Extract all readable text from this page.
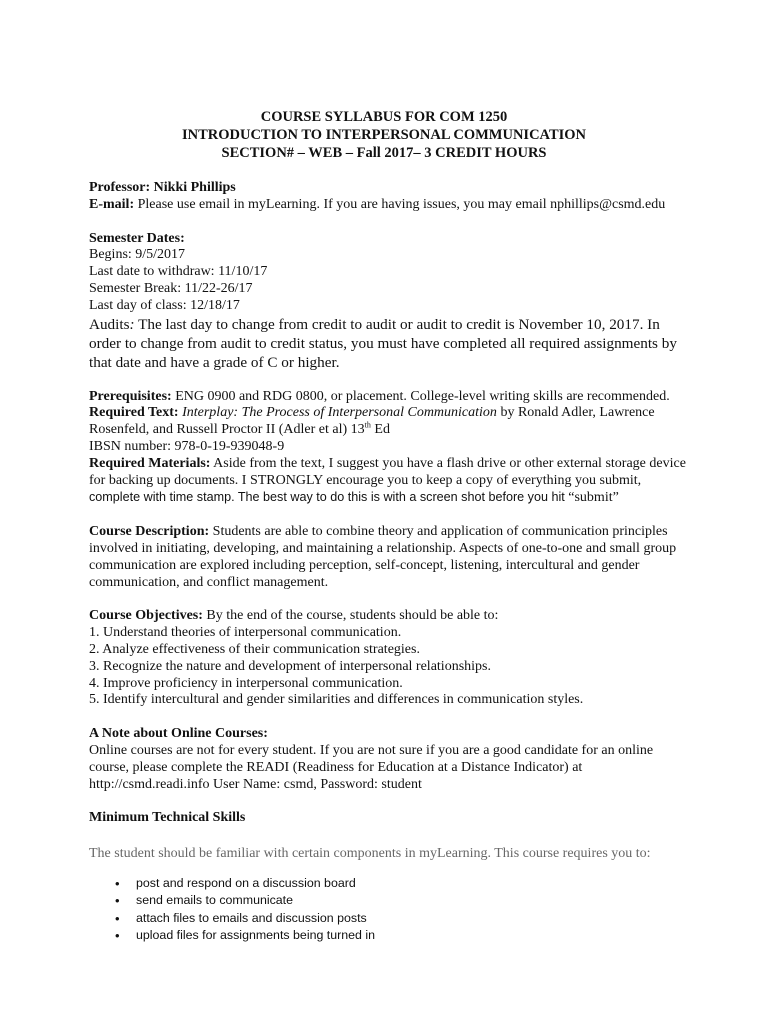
COURSE SYLLABUS FOR COM 1250
INTRODUCTION TO INTERPERSONAL COMMUNICATION
SECTION# – WEB – Fall 2017– 3 CREDIT HOURS

Professor: Nikki Phillips

E-mail: Please use email in myLearning. If you are having issues, you may email nphillips@csmd.edu

Semester Dates:

Begins: 9/5/2017

Last date to withdraw: 11/10/17

Semester Break: 11/22-26/17

Last day of class: 12/18/17

Audits: The last day to change from credit to audit or audit to credit is November 10, 2017. In order to change from audit to credit status, you must have completed all required assignments by that date and have a grade of C or higher.

Prerequisites: ENG 0900 and RDG 0800, or placement. College-level writing skills are recommended.

Required Text: Interplay: The Process of Interpersonal Communication by Ronald Adler, Lawrence Rosenfeld, and Russell Proctor II (Adler et al) 13th Ed

IBSN number: 978-0-19-939048-9

Required Materials: Aside from the text, I suggest you have a flash drive or other external storage device for backing up documents. I STRONGLY encourage you to keep a copy of everything you submit, complete with time stamp. The best way to do this is with a screen shot before you hit “submit”

Course Description: Students are able to combine theory and application of communication principles involved in initiating, developing, and maintaining a relationship. Aspects of one-to-one and small group communication are explored including perception, self-concept, listening, intercultural and gender communication, and conflict management.

Course Objectives: By the end of the course, students should be able to:

1. Understand theories of interpersonal communication.

2. Analyze effectiveness of their communication strategies.

3. Recognize the nature and development of interpersonal relationships.

4. Improve proficiency in interpersonal communication.

5. Identify intercultural and gender similarities and differences in communication styles.

A Note about Online Courses:

Online courses are not for every student. If you are not sure if you are a good candidate for an online course, please complete the READI (Readiness for Education at a Distance Indicator) at http://csmd.readi.info User Name: csmd, Password: student

Minimum Technical Skills

The student should be familiar with certain components in myLearning. This course requires you to:

• post and respond on a discussion board
• send emails to communicate
• attach files to emails and discussion posts
• upload files for assignments being turned in
